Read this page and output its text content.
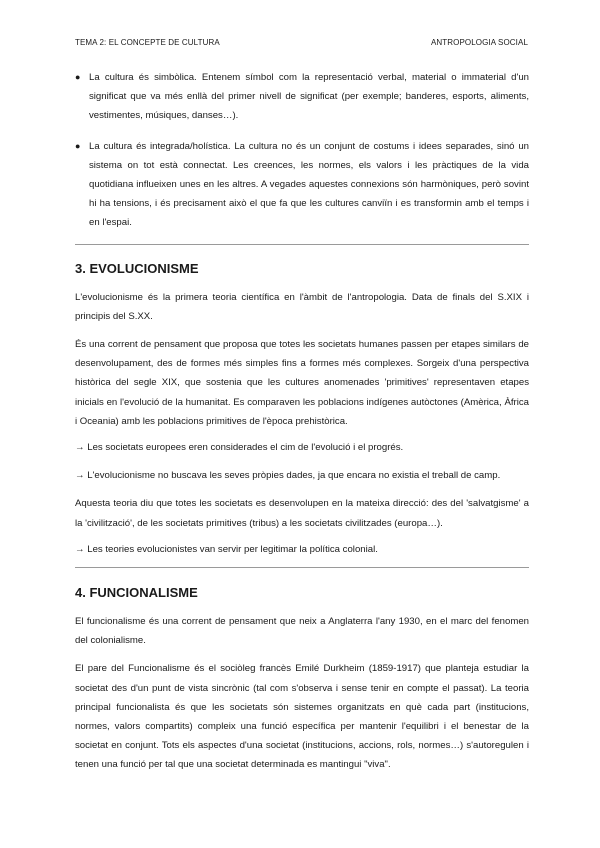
TEMA 2: EL CONCEPTE DE CULTURA	ANTROPOLOGIA SOCIAL
● La cultura és simbòlica. Entenem símbol com la representació verbal, material o immaterial d'un significat que va més enllà del primer nivell de significat (per exemple; banderes, esports, aliments, vestimentes, músiques, danses…).
● La cultura és integrada/holística. La cultura no és un conjunt de costums i idees separades, sinó un sistema on tot està connectat. Les creences, les normes, els valors i les pràctiques de la vida quotidiana influeixen unes en les altres. A vegades aquestes connexions són harmòniques, però sovint hi ha tensions, i és precisament això el que fa que les cultures canviïn i es transformin amb el temps i en l'espai.
3. EVOLUCIONISME

L'evolucionisme és la primera teoria científica en l'àmbit de l'antropologia. Data de finals del S.XIX i principis del S.XX.

És una corrent de pensament que proposa que totes les societats humanes passen per etapes similars de desenvolupament, des de formes més simples fins a formes més complexes. Sorgeix d'una perspectiva històrica del segle XIX, que sostenia que les cultures anomenades 'primitives' representaven etapes inicials en l'evolució de la humanitat. Es comparaven les poblacions indígenes autòctones (Amèrica, Àfrica i Oceania) amb les poblacions primitives de l'època prehistòrica.

→ Les societats europees eren considerades el cim de l'evolució i el progrés.

→ L'evolucionisme no buscava les seves pròpies dades, ja que encara no existia el treball de camp.

Aquesta teoria diu que totes les societats es desenvolupen en la mateixa direcció: des del 'salvatgisme' a la 'civilització', de les societats primitives (tribus) a les societats civilitzades (europa…).

→ Les teories evolucionistes van servir per legitimar la política colonial.

4. FUNCIONALISME

El funcionalisme és una corrent de pensament que neix a Anglaterra l'any 1930, en el marc del fenomen del colonialisme.

El pare del Funcionalisme és el sociòleg francès Emilé Durkheim (1859-1917) que planteja estudiar la societat des d'un punt de vista sincrònic (tal com s'observa i sense tenir en compte el passat). La teoria principal funcionalista és que les societats són sistemes organitzats en què cada part (institucions, normes, valors compartits) compleix una funció específica per mantenir l'equilibri i el benestar de la societat en conjunt. Tots els aspectes d'una societat (institucions, accions, rols, normes…) s'autoregulen i tenen una funció per tal que una societat determinada es mantingui "viva".
